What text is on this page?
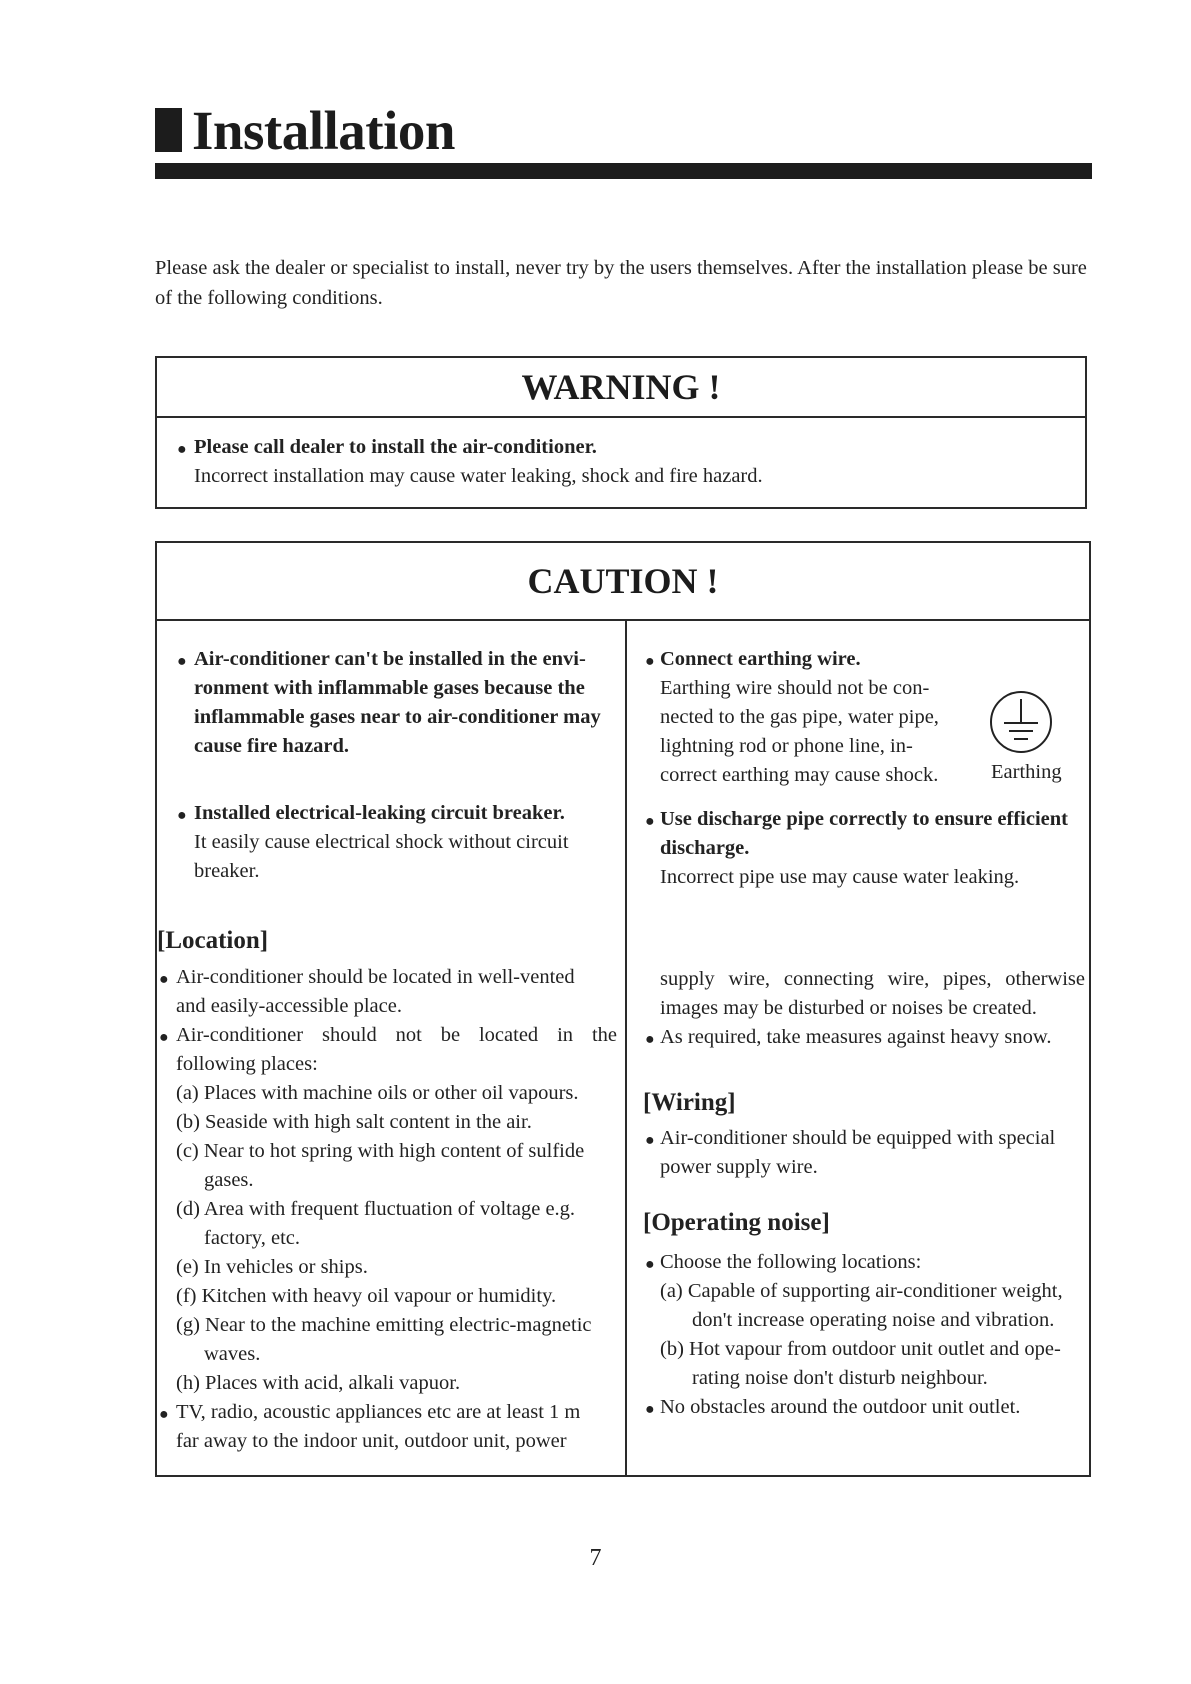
Installation
Please ask the dealer or specialist to install, never try by the users themselves. After the installation please be sure of the following conditions.
WARNING !
● Please call dealer to install the air-conditioner.
Incorrect installation may cause water leaking, shock and fire hazard.
CAUTION !
● Air-conditioner can't be installed in the envi-
ronment with inflammable gases because the
inflammable gases near to air-conditioner may
cause fire hazard.
● Installed electrical-leaking circuit breaker.
It easily cause electrical shock without circuit
breaker.
● Connect earthing wire.
Earthing wire should not be con-
nected to the gas pipe, water pipe,
lightning rod or phone line, in-
correct earthing may cause shock.	Earthing
● Use discharge pipe correctly to ensure efficient
discharge.
Incorrect pipe use may cause water leaking.
[Location]
● Air-conditioner should be located in well-vented
and easily-accessible place.
● Air-conditioner should not be located in the
following places:
(a) Places with machine oils or other oil vapours.
(b) Seaside with high salt content in the air.
(c) Near to hot spring with high content of sulfide
gases.
(d) Area with frequent fluctuation of voltage e.g.
factory, etc.
(e) In vehicles or ships.
(f) Kitchen with heavy oil vapour or humidity.
(g) Near to the machine emitting electric-magnetic
waves.
(h) Places with acid, alkali vapuor.
● TV, radio, acoustic appliances etc are at least 1 m
far away to the indoor unit, outdoor unit, power
supply wire, connecting wire, pipes, otherwise
images may be disturbed or noises be created.
● As required, take measures against heavy snow.
[Wiring]
● Air-conditioner should be equipped with special
power supply wire.
[Operating noise]
● Choose the following locations:
(a) Capable of supporting air-conditioner weight,
don't increase operating noise and vibration.
(b) Hot vapour from outdoor unit outlet and ope-
rating noise don't disturb neighbour.
● No obstacles around the outdoor unit outlet.
7
